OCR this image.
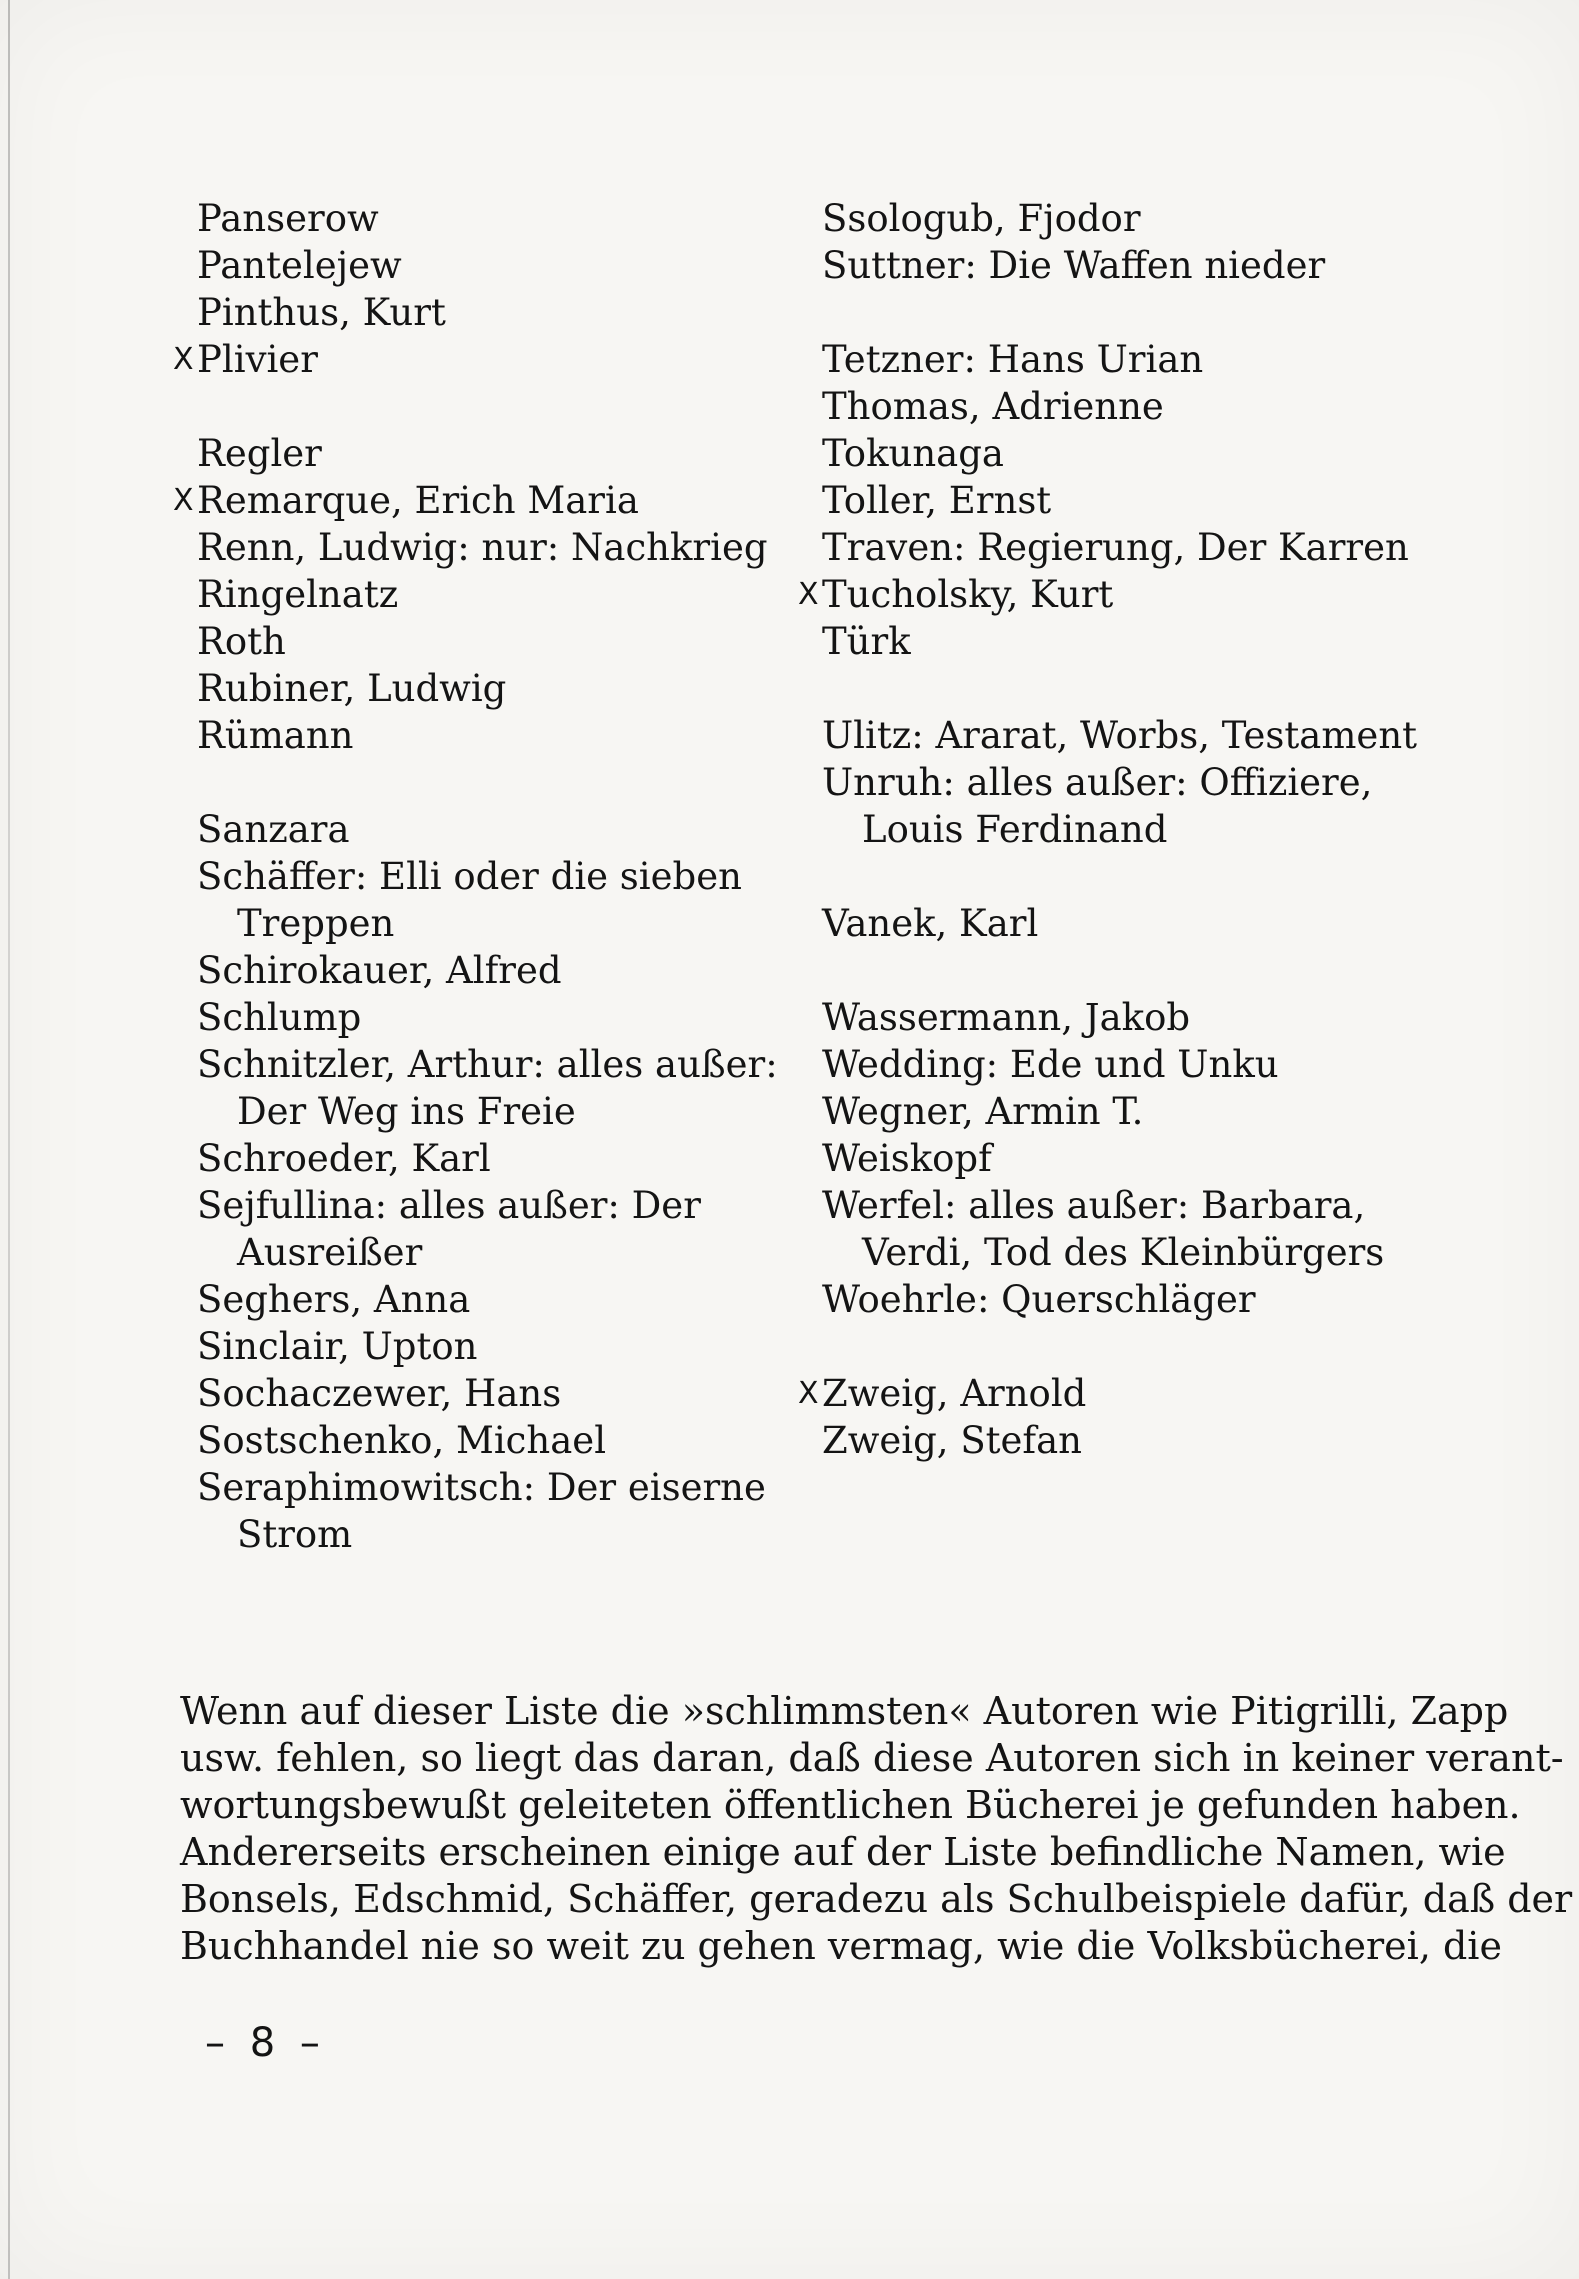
Panserow
Pantelejew
Pinthus, Kurt
X Plivier
Regler
X Remarque, Erich Maria
Renn, Ludwig: nur: Nachkrieg
Ringelnatz
Roth
Rubiner, Ludwig
Rümann
Sanzara
Schäffer: Elli oder die sieben
Treppen
Schirokauer, Alfred
Schlump
Schnitzler, Arthur: alles außer:
Der Weg ins Freie
Schroeder, Karl
Sejfullina: alles außer: Der
Ausreißer
Seghers, Anna
Sinclair, Upton
Sochaczewer, Hans
Sostschenko, Michael
Seraphimowitsch: Der eiserne
Strom
Ssologub, Fjodor
Suttner: Die Waffen nieder
Tetzner: Hans Urian
Thomas, Adrienne
Tokunaga
Toller, Ernst
Traven: Regierung, Der Karren
X Tucholsky, Kurt
Türk
Ulitz: Ararat, Worbs, Testament
Unruh: alles außer: Offiziere,
Louis Ferdinand
Vanek, Karl
Wassermann, Jakob
Wedding: Ede und Unku
Wegner, Armin T.
Weiskopf
Werfel: alles außer: Barbara,
Verdi, Tod des Kleinbürgers
Woehrle: Querschläger
X Zweig, Arnold
Zweig, Stefan
Wenn auf dieser Liste die »schlimmsten« Autoren wie Pitigrilli, Zapp
usw. fehlen, so liegt das daran, daß diese Autoren sich in keiner verant-
wortungsbewußt geleiteten öffentlichen Bücherei je gefunden haben.
Andererseits erscheinen einige auf der Liste befindliche Namen, wie
Bonsels, Edschmid, Schäffer, geradezu als Schulbeispiele dafür, daß der
Buchhandel nie so weit zu gehen vermag, wie die Volksbücherei, die
– 8 –
